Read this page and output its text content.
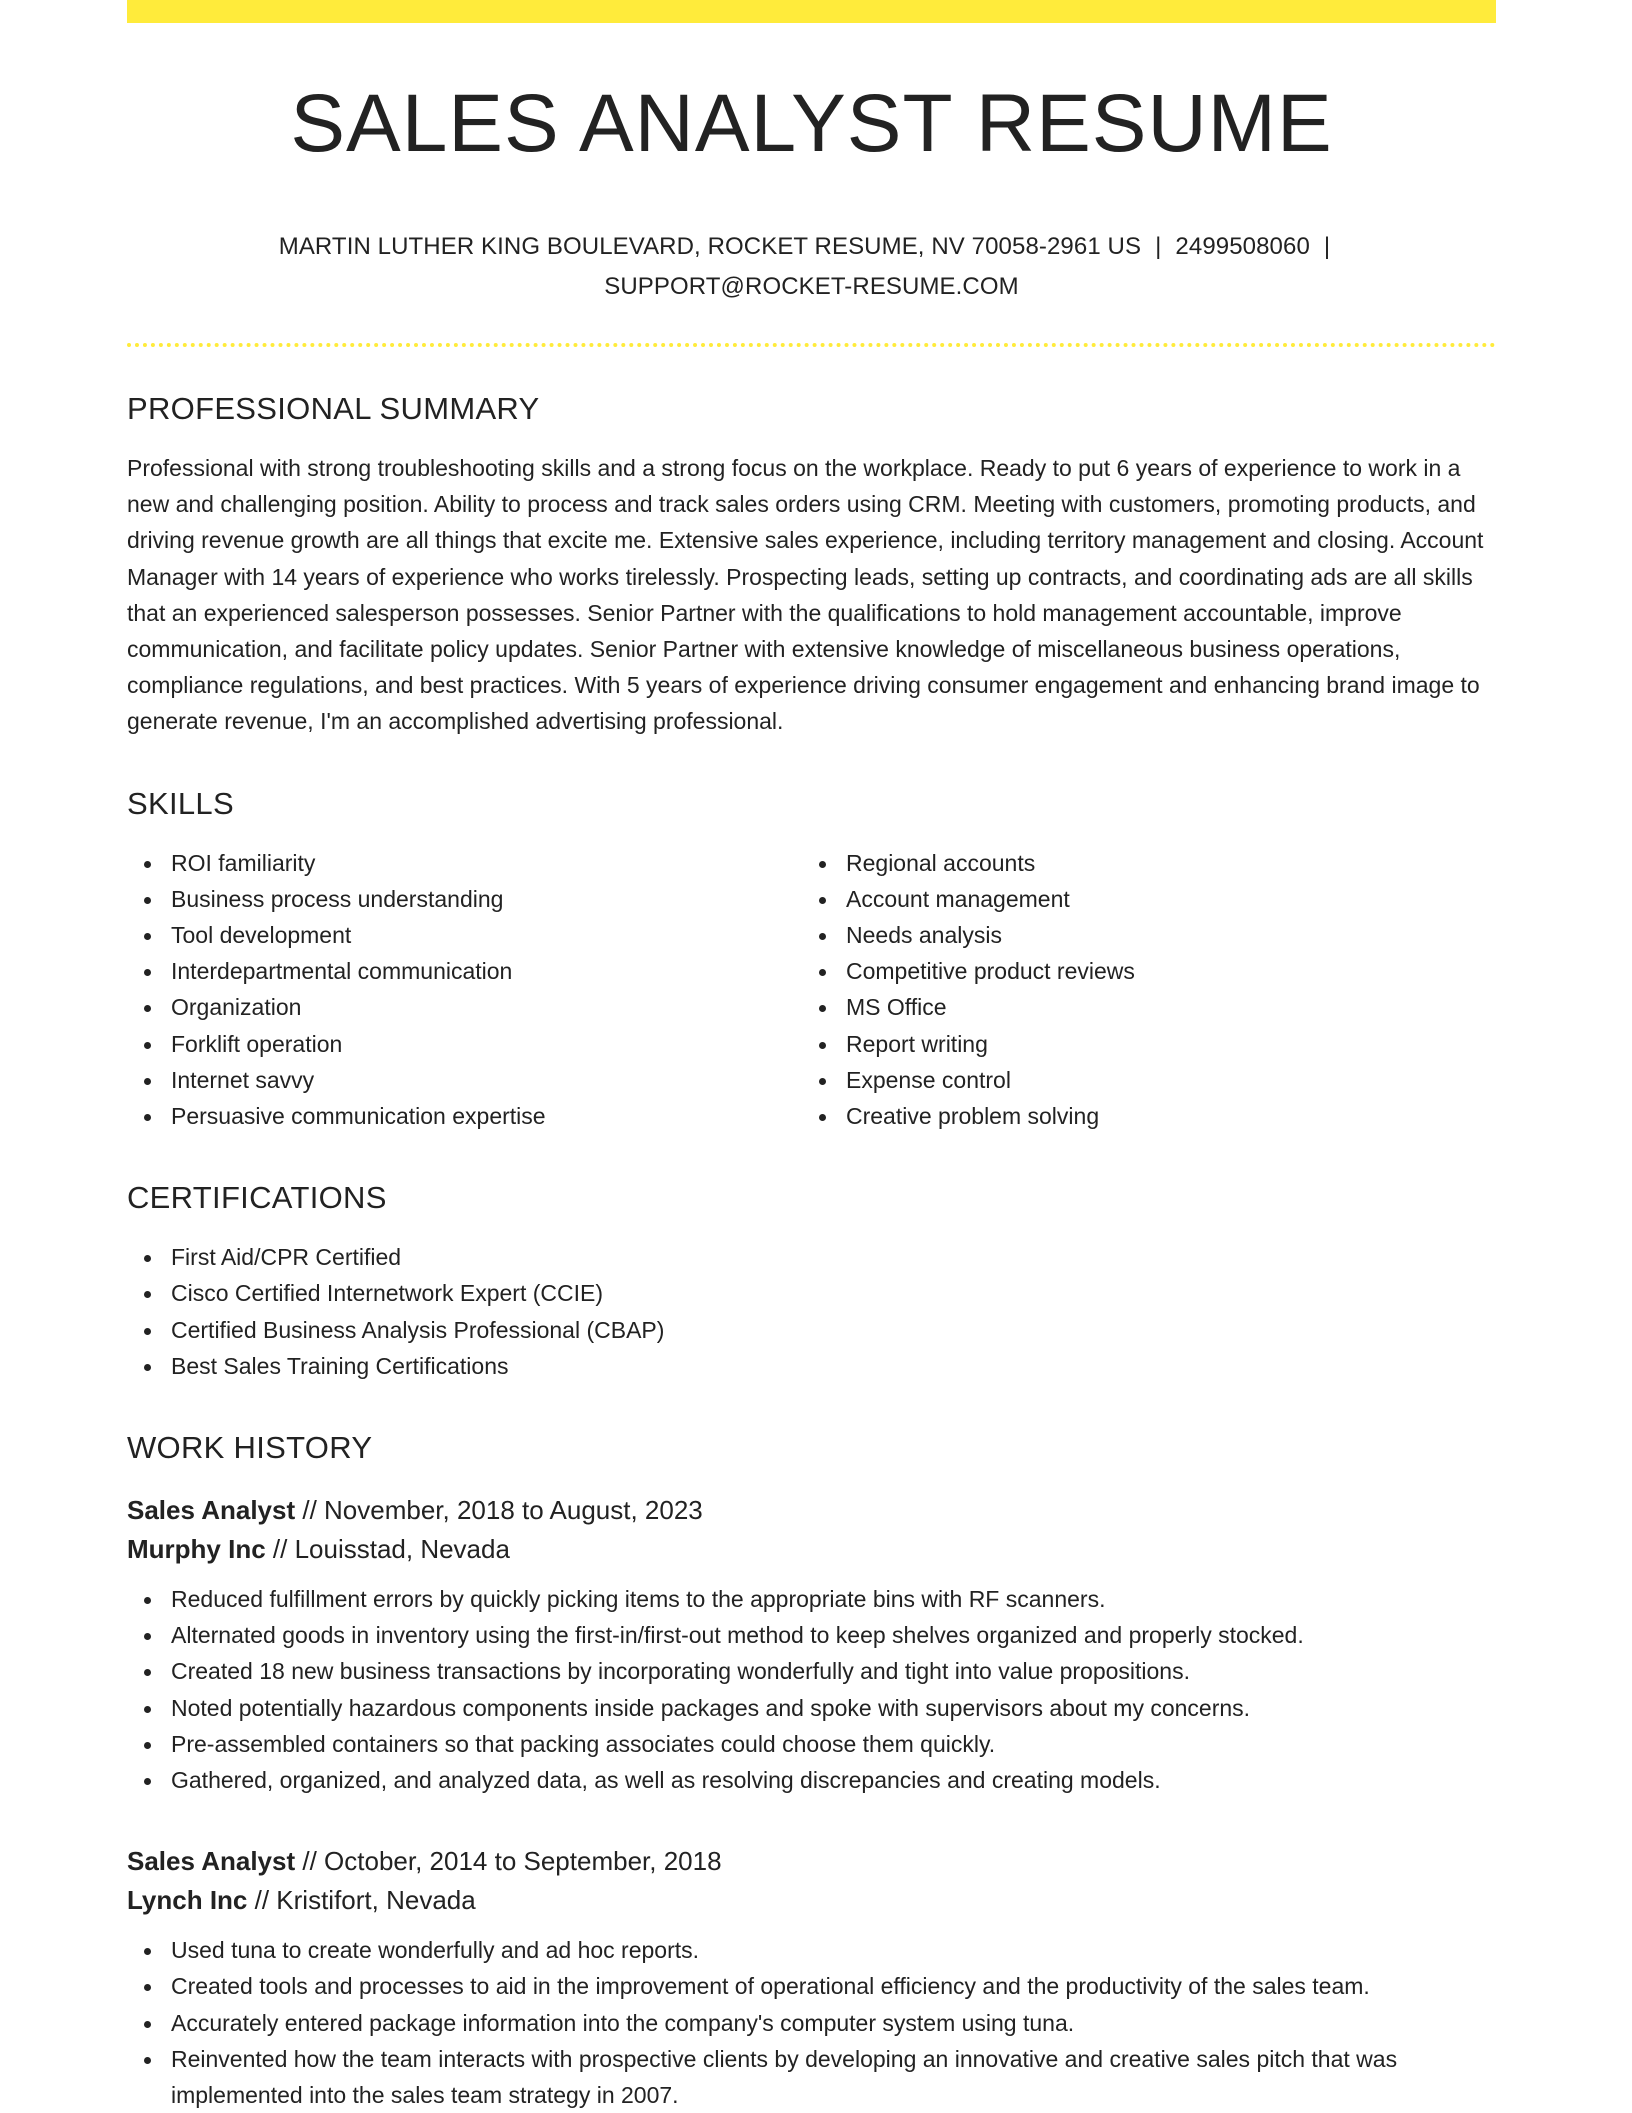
SALES ANALYST RESUME
MARTIN LUTHER KING BOULEVARD, ROCKET RESUME, NV 70058-2961 US | 2499508060 |
SUPPORT@ROCKET-RESUME.COM
PROFESSIONAL SUMMARY
Professional with strong troubleshooting skills and a strong focus on the workplace. Ready to put 6 years of experience to work in a new and challenging position. Ability to process and track sales orders using CRM. Meeting with customers, promoting products, and driving revenue growth are all things that excite me. Extensive sales experience, including territory management and closing. Account Manager with 14 years of experience who works tirelessly. Prospecting leads, setting up contracts, and coordinating ads are all skills that an experienced salesperson possesses. Senior Partner with the qualifications to hold management accountable, improve communication, and facilitate policy updates. Senior Partner with extensive knowledge of miscellaneous business operations, compliance regulations, and best practices. With 5 years of experience driving consumer engagement and enhancing brand image to generate revenue, I'm an accomplished advertising professional.
SKILLS
ROI familiarity
Business process understanding
Tool development
Interdepartmental communication
Organization
Forklift operation
Internet savvy
Persuasive communication expertise
Regional accounts
Account management
Needs analysis
Competitive product reviews
MS Office
Report writing
Expense control
Creative problem solving
CERTIFICATIONS
First Aid/CPR Certified
Cisco Certified Internetwork Expert (CCIE)
Certified Business Analysis Professional (CBAP)
Best Sales Training Certifications
WORK HISTORY
Sales Analyst // November, 2018 to August, 2023
Murphy Inc // Louisstad, Nevada
Reduced fulfillment errors by quickly picking items to the appropriate bins with RF scanners.
Alternated goods in inventory using the first-in/first-out method to keep shelves organized and properly stocked.
Created 18 new business transactions by incorporating wonderfully and tight into value propositions.
Noted potentially hazardous components inside packages and spoke with supervisors about my concerns.
Pre-assembled containers so that packing associates could choose them quickly.
Gathered, organized, and analyzed data, as well as resolving discrepancies and creating models.
Sales Analyst // October, 2014 to September, 2018
Lynch Inc // Kristifort, Nevada
Used tuna to create wonderfully and ad hoc reports.
Created tools and processes to aid in the improvement of operational efficiency and the productivity of the sales team.
Accurately entered package information into the company's computer system using tuna.
Reinvented how the team interacts with prospective clients by developing an innovative and creative sales pitch that was implemented into the sales team strategy in 2007.
